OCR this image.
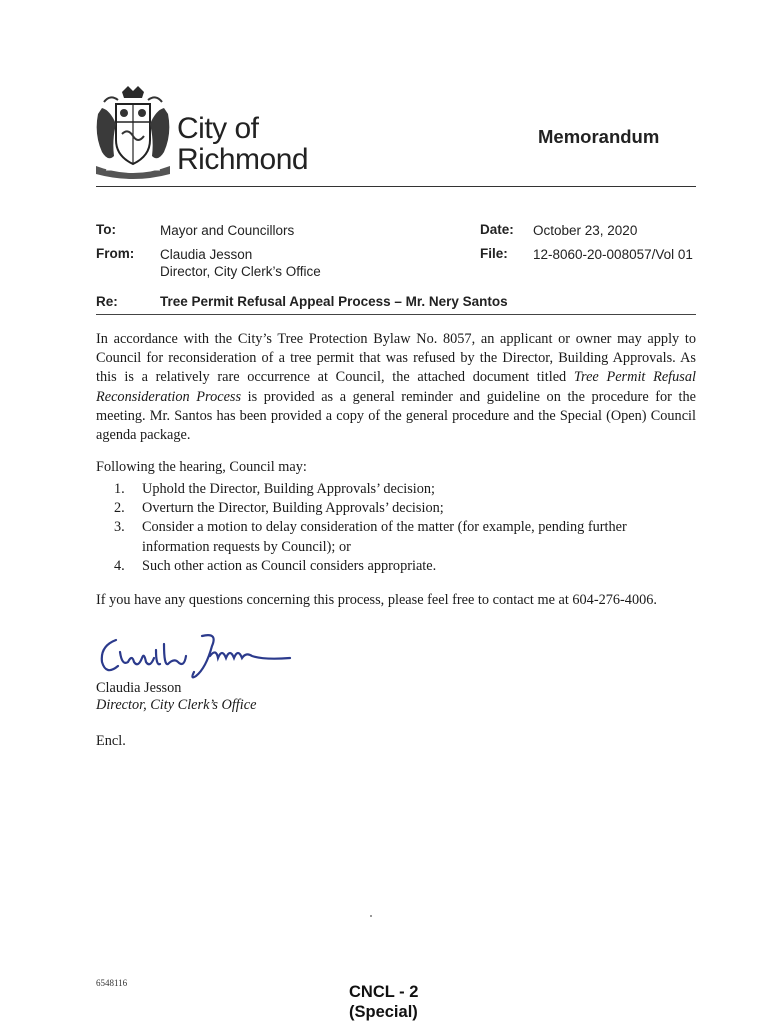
City of
Richmond
Memorandum
To:	Mayor and Councillors
From: Claudia Jesson
Director, City Clerk’s Office
Date: October 23, 2020
File: 12-8060-20-008057/Vol 01
Re:	Tree Permit Refusal Appeal Process – Mr. Nery Santos
In accordance with the City’s Tree Protection Bylaw No. 8057, an applicant or owner may apply to Council for reconsideration of a tree permit that was refused by the Director, Building Approvals. As this is a relatively rare occurrence at Council, the attached document titled Tree Permit Refusal Reconsideration Process is provided as a general reminder and guideline on the procedure for the meeting. Mr. Santos has been provided a copy of the general procedure and the Special (Open) Council agenda package.
Following the hearing, Council may:
1. Uphold the Director, Building Approvals’ decision;
2. Overturn the Director, Building Approvals’ decision;
3. Consider a motion to delay consideration of the matter (for example, pending further information requests by Council); or
4. Such other action as Council considers appropriate.
If you have any questions concerning this process, please feel free to contact me at 604-276-4006.
Claudia Jesson
Director, City Clerk’s Office
Encl.
6548116	CNCL - 2
(Special)
